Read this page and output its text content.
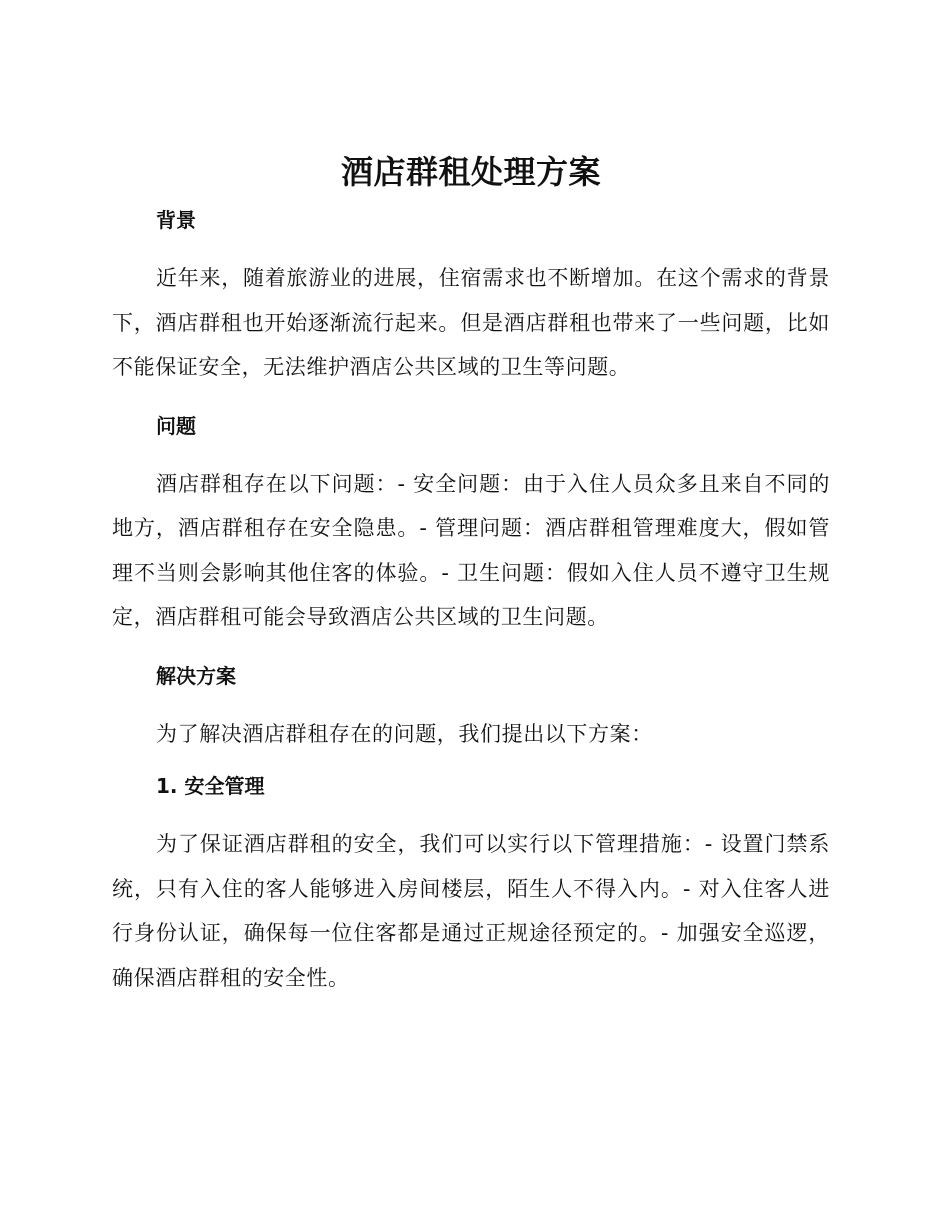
酒店群租处理方案
背景

近年来，随着旅游业的进展，住宿需求也不断增加。在这个需求的背景下，酒店群租也开始逐渐流行起来。但是酒店群租也带来了一些问题，比如不能保证安全，无法维护酒店公共区域的卫生等问题。

问题

酒店群租存在以下问题：- 安全问题：由于入住人员众多且来自不同的地方，酒店群租存在安全隐患。- 管理问题：酒店群租管理难度大，假如管理不当则会影响其他住客的体验。- 卫生问题：假如入住人员不遵守卫生规定，酒店群租可能会导致酒店公共区域的卫生问题。

解决方案

为了解决酒店群租存在的问题，我们提出以下方案：

1. 安全管理

为了保证酒店群租的安全，我们可以实行以下管理措施：- 设置门禁系统，只有入住的客人能够进入房间楼层，陌生人不得入内。- 对入住客人进行身份认证，确保每一位住客都是通过正规途径预定的。- 加强安全巡逻，确保酒店群租的安全性。
